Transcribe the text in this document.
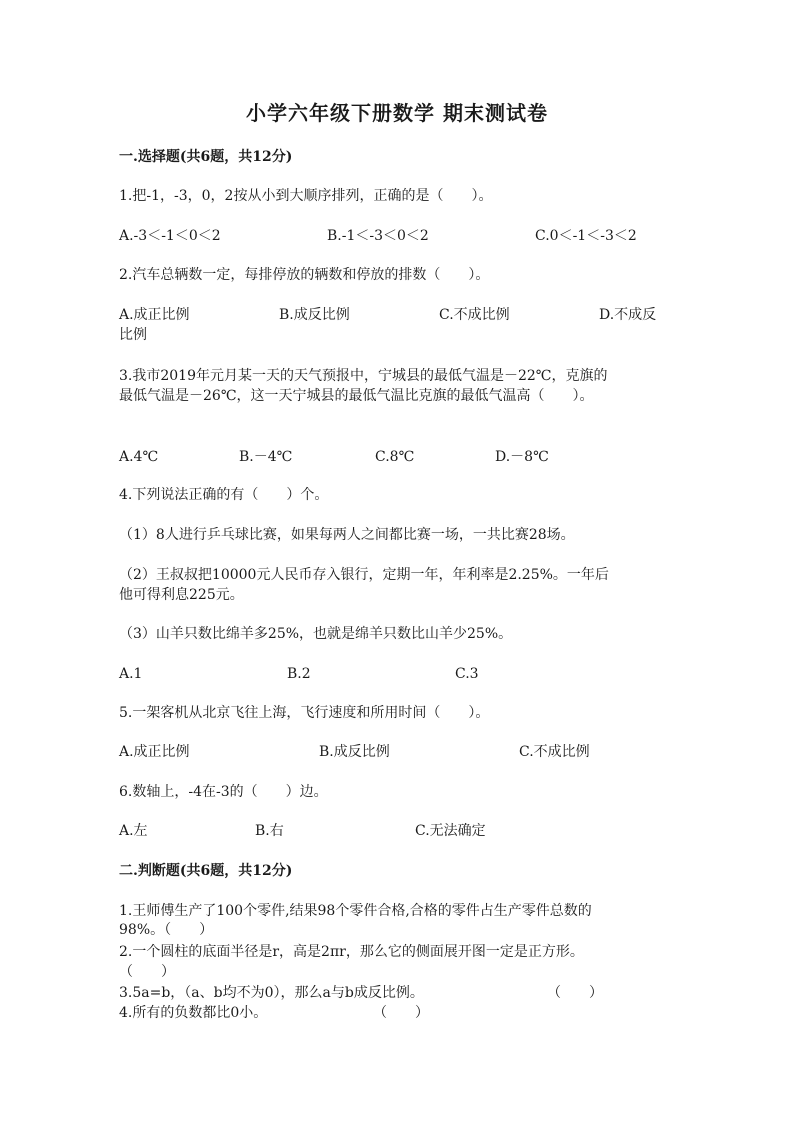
小学六年级下册数学 期末测试卷
一.选择题(共6题，共12分)
1.把-1，-3，0，2按从小到大顺序排列，正确的是（　　）。
A.-3＜-1＜0＜2	B.-1＜-3＜0＜2	C.0＜-1＜-3＜2
2.汽车总辆数一定，每排停放的辆数和停放的排数（　　）。
A.成正比例	B.成反比例	C.不成比例	D.不成反
比例
3.我市2019年元月某一天的天气预报中，宁城县的最低气温是－22℃，克旗的
最低气温是－26℃，这一天宁城县的最低气温比克旗的最低气温高（　　）。
A.4℃	B.－4℃	C.8℃	D.－8℃
4.下列说法正确的有（　　）个。
（1）8人进行乒乓球比赛，如果每两人之间都比赛一场，一共比赛28场。
（2）王叔叔把10000元人民币存入银行，定期一年，年利率是2.25%。一年后
他可得利息225元。
（3）山羊只数比绵羊多25%，也就是绵羊只数比山羊少25%。
A.1	B.2	C.3
5.一架客机从北京飞往上海，飞行速度和所用时间（　　）。
A.成正比例	B.成反比例	C.不成比例
6.数轴上，-4在-3的（　　）边。
A.左	B.右	C.无法确定
二.判断题(共6题，共12分)
1.王师傅生产了100个零件,结果98个零件合格,合格的零件占生产零件总数的
98%。（　　）
2.一个圆柱的底面半径是r，高是2πr，那么它的侧面展开图一定是正方形。
（　　）
3.5a=b，（a、b均不为0），那么a与b成反比例。	（　　）
4.所有的负数都比0小。	（　　）
